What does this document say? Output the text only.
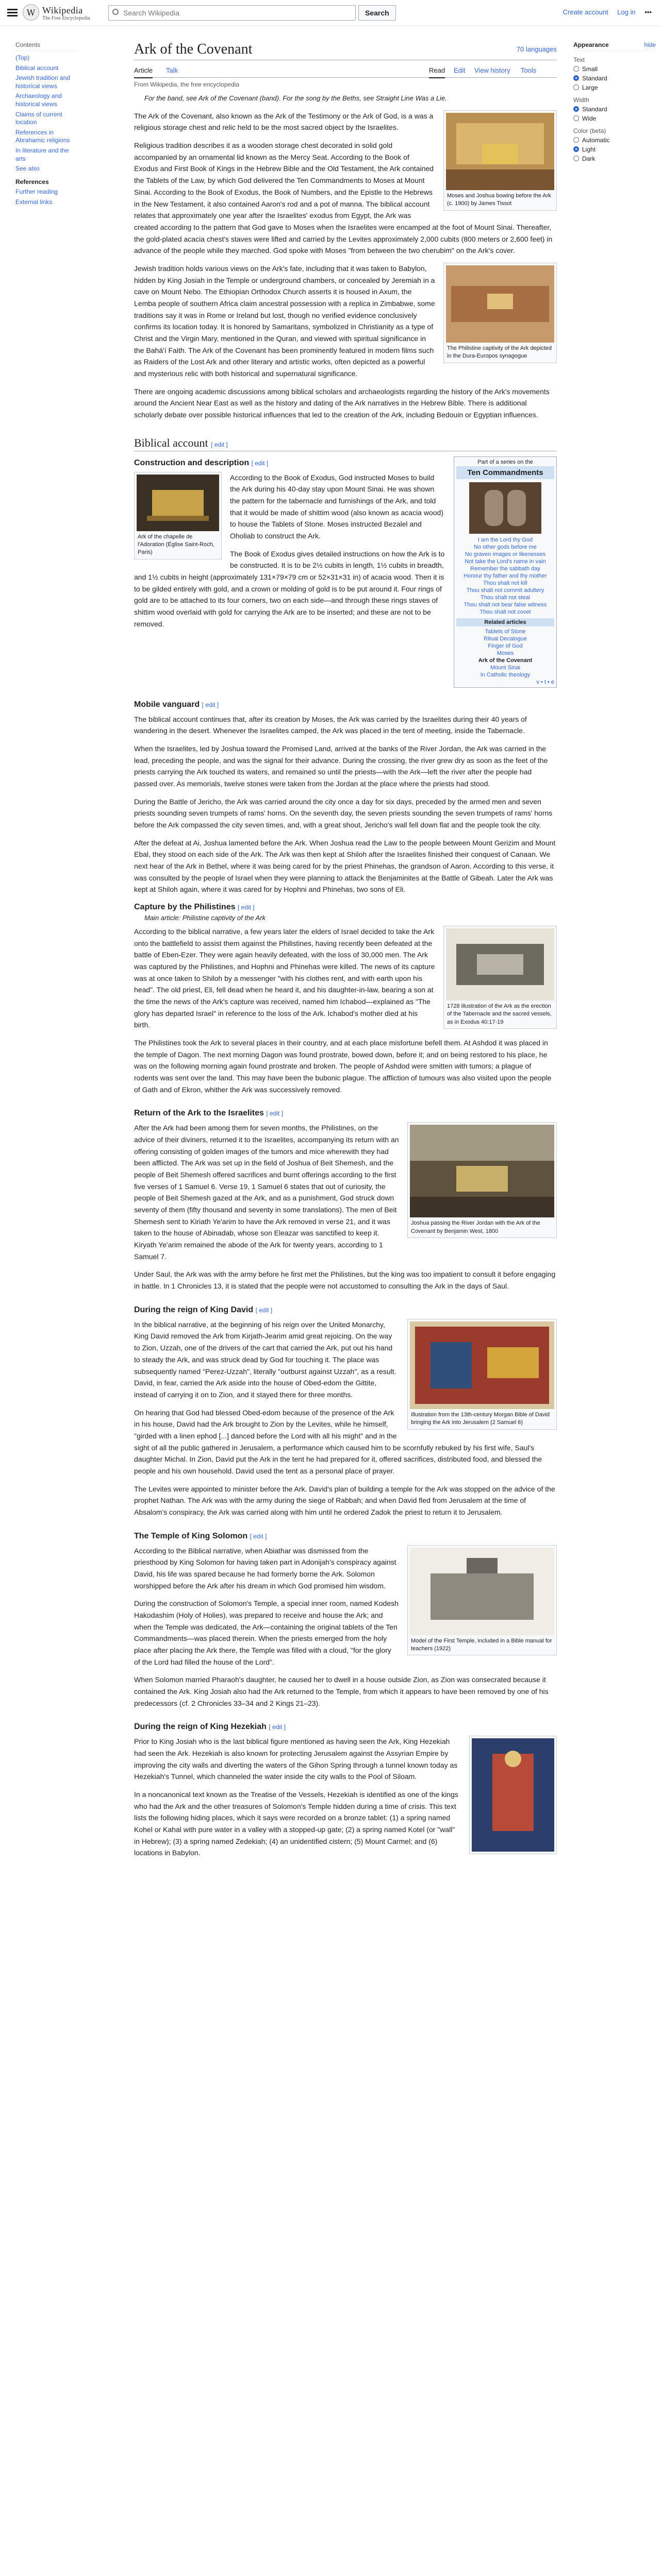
W Wikipedia
The Free Encyclopedia
Search Wikipedia	Search	Create account Log in •••
Contents
(Top)
Biblical account
Jewish tradition and historical views
Archaeology and historical views
Claims of current location
References in Abrahamic religions
In literature and the arts
See also
References
Further reading
External links
Ark of the Covenant	70 languages
Article Talk	Read Edit View history Tools
From Wikipedia, the free encyclopedia
For the band, see Ark of the Covenant (band). For the song by the Beths, see Straight Line Was a Lie.
Moses and Joshua bowing before the Ark (c. 1900) by James Tissot

The Ark of the Covenant, also known as the Ark of the Testimony or the Ark of God, is a was a religious storage chest and relic held to be the most sacred object by the Israelites.

Religious tradition describes it as a wooden storage chest decorated in solid gold accompanied by an ornamental lid known as the Mercy Seat. According to the Book of Exodus and First Book of Kings in the Hebrew Bible and the Old Testament, the Ark contained the Tablets of the Law, by which God delivered the Ten Commandments to Moses at Mount Sinai. According to the Book of Exodus, the Book of Numbers, and the Epistle to the Hebrews in the New Testament, it also contained Aaron's rod and a pot of manna. The biblical account relates that approximately one year after the Israelites' exodus from Egypt, the Ark was created according to the pattern that God gave to Moses when the Israelites were encamped at the foot of Mount Sinai. Thereafter, the gold-plated acacia chest's staves were lifted and carried by the Levites approximately 2,000 cubits (800 meters or 2,600 feet) in advance of the people while they marched. God spoke with Moses "from between the two cherubim" on the Ark's cover.

The Philistine captivity of the Ark depicted in the Dura-Europos synagogue

Jewish tradition holds various views on the Ark's fate, including that it was taken to Babylon, hidden by King Josiah in the Temple or underground chambers, or concealed by Jeremiah in a cave on Mount Nebo. The Ethiopian Orthodox Church asserts it is housed in Axum, the Lemba people of southern Africa claim ancestral possession with a replica in Zimbabwe, some traditions say it was in Rome or Ireland but lost, though no verified evidence conclusively confirms its location today. It is honored by Samaritans, symbolized in Christianity as a type of Christ and the Virgin Mary, mentioned in the Quran, and viewed with spiritual significance in the Bahá'í Faith. The Ark of the Covenant has been prominently featured in modern films such as Raiders of the Lost Ark and other literary and artistic works, often depicted as a powerful and mysterious relic with both historical and supernatural significance.

There are ongoing academic discussions among biblical scholars and archaeologists regarding the history of the Ark's movements around the Ancient Near East as well as the history and dating of the Ark narratives in the Hebrew Bible. There is additional scholarly debate over possible historical influences that led to the creation of the Ark, including Bedouin or Egyptian influences.

Biblical account [ edit ]
Part of a series on the
Ten Commandments
I am the Lord thy God
No other gods before me
No graven images or likenesses
Not take the Lord's name in vain
Remember the sabbath day
Honour thy father and thy mother
Thou shalt not kill
Thou shalt not commit adultery
Thou shalt not steal
Thou shalt not bear false witness
Thou shalt not covet
Related articles
Tablets of Stone
Ritual Decalogue
Finger of God
Moses
Ark of the Covenant
Mount Sinai
In Catholic theology
v • t • e
Construction and description [ edit ]
Ark of the chapelle de l'Adoration (Église Saint-Roch, Paris)

According to the Book of Exodus, God instructed Moses to build the Ark during his 40-day stay upon Mount Sinai. He was shown the pattern for the tabernacle and furnishings of the Ark, and told that it would be made of shittim wood (also known as acacia wood) to house the Tablets of Stone. Moses instructed Bezalel and Oholiab to construct the Ark.

The Book of Exodus gives detailed instructions on how the Ark is to be constructed. It is to be 2½ cubits in length, 1½ cubits in breadth, and 1½ cubits in height (approximately 131×79×79 cm or 52×31×31 in) of acacia wood. Then it is to be gilded entirely with gold, and a crown or molding of gold is to be put around it. Four rings of gold are to be attached to its four corners, two on each side—and through these rings staves of shittim wood overlaid with gold for carrying the Ark are to be inserted; and these are not to be removed.

Mobile vanguard [ edit ]

The biblical account continues that, after its creation by Moses, the Ark was carried by the Israelites during their 40 years of wandering in the desert. Whenever the Israelites camped, the Ark was placed in the tent of meeting, inside the Tabernacle.

When the Israelites, led by Joshua toward the Promised Land, arrived at the banks of the River Jordan, the Ark was carried in the lead, preceding the people, and was the signal for their advance. During the crossing, the river grew dry as soon as the feet of the priests carrying the Ark touched its waters, and remained so until the priests—with the Ark—left the river after the people had passed over. As memorials, twelve stones were taken from the Jordan at the place where the priests had stood.

During the Battle of Jericho, the Ark was carried around the city once a day for six days, preceded by the armed men and seven priests sounding seven trumpets of rams' horns. On the seventh day, the seven priests sounding the seven trumpets of rams' horns before the Ark compassed the city seven times, and, with a great shout, Jericho's wall fell down flat and the people took the city.

After the defeat at Ai, Joshua lamented before the Ark. When Joshua read the Law to the people between Mount Gerizim and Mount Ebal, they stood on each side of the Ark. The Ark was then kept at Shiloh after the Israelites finished their conquest of Canaan. We next hear of the Ark in Bethel, where it was being cared for by the priest Phinehas, the grandson of Aaron. According to this verse, it was consulted by the people of Israel when they were planning to attack the Benjaminites at the Battle of Gibeah. Later the Ark was kept at Shiloh again, where it was cared for by Hophni and Phinehas, two sons of Eli.

Capture by the Philistines [ edit ]
Main article: Philistine captivity of the Ark
1728 illustration of the Ark as the erection of the Tabernacle and the sacred vessels, as in Exodus 40:17-19

According to the biblical narrative, a few years later the elders of Israel decided to take the Ark onto the battlefield to assist them against the Philistines, having recently been defeated at the battle of Eben-Ezer. They were again heavily defeated, with the loss of 30,000 men. The Ark was captured by the Philistines, and Hophni and Phinehas were killed. The news of its capture was at once taken to Shiloh by a messenger "with his clothes rent, and with earth upon his head". The old priest, Eli, fell dead when he heard it, and his daughter-in-law, bearing a son at the time the news of the Ark's capture was received, named him Ichabod—explained as "The glory has departed Israel" in reference to the loss of the Ark. Ichabod's mother died at his birth.

The Philistines took the Ark to several places in their country, and at each place misfortune befell them. At Ashdod it was placed in the temple of Dagon. The next morning Dagon was found prostrate, bowed down, before it; and on being restored to his place, he was on the following morning again found prostrate and broken. The people of Ashdod were smitten with tumors; a plague of rodents was sent over the land. This may have been the bubonic plague. The affliction of tumours was also visited upon the people of Gath and of Ekron, whither the Ark was successively removed.

Return of the Ark to the Israelites [ edit ]
Joshua passing the River Jordan with the Ark of the Covenant by Benjamin West, 1800

After the Ark had been among them for seven months, the Philistines, on the advice of their diviners, returned it to the Israelites, accompanying its return with an offering consisting of golden images of the tumors and mice wherewith they had been afflicted. The Ark was set up in the field of Joshua of Beit Shemesh, and the people of Beit Shemesh offered sacrifices and burnt offerings according to the first five verses of 1 Samuel 6. Verse 19, 1 Samuel 6 states that out of curiosity, the people of Beit Shemesh gazed at the Ark, and as a punishment, God struck down seventy of them (fifty thousand and seventy in some translations). The men of Beit Shemesh sent to Kiriath Ye'arim to have the Ark removed in verse 21, and it was taken to the house of Abinadab, whose son Eleazar was sanctified to keep it. Kiryath Ye'arim remained the abode of the Ark for twenty years, according to 1 Samuel 7.

Under Saul, the Ark was with the army before he first met the Philistines, but the king was too impatient to consult it before engaging in battle. In 1 Chronicles 13, it is stated that the people were not accustomed to consulting the Ark in the days of Saul.

During the reign of King David [ edit ]
Illustration from the 13th-century Morgan Bible of David bringing the Ark into Jerusalem (2 Samuel 6)

In the biblical narrative, at the beginning of his reign over the United Monarchy, King David removed the Ark from Kirjath-Jearim amid great rejoicing. On the way to Zion, Uzzah, one of the drivers of the cart that carried the Ark, put out his hand to steady the Ark, and was struck dead by God for touching it. The place was subsequently named "Perez-Uzzah", literally "outburst against Uzzah", as a result. David, in fear, carried the Ark aside into the house of Obed-edom the Gittite, instead of carrying it on to Zion, and it stayed there for three months.

On hearing that God had blessed Obed-edom because of the presence of the Ark in his house, David had the Ark brought to Zion by the Levites, while he himself, "girded with a linen ephod [...] danced before the Lord with all his might" and in the sight of all the public gathered in Jerusalem, a performance which caused him to be scornfully rebuked by his first wife, Saul's daughter Michal. In Zion, David put the Ark in the tent he had prepared for it, offered sacrifices, distributed food, and blessed the people and his own household. David used the tent as a personal place of prayer.

The Levites were appointed to minister before the Ark. David's plan of building a temple for the Ark was stopped on the advice of the prophet Nathan. The Ark was with the army during the siege of Rabbah; and when David fled from Jerusalem at the time of Absalom's conspiracy, the Ark was carried along with him until he ordered Zadok the priest to return it to Jerusalem.

The Temple of King Solomon [ edit ]
Model of the First Temple, included in a Bible manual for teachers (1922)

According to the Biblical narrative, when Abiathar was dismissed from the priesthood by King Solomon for having taken part in Adonijah's conspiracy against David, his life was spared because he had formerly borne the Ark. Solomon worshipped before the Ark after his dream in which God promised him wisdom.

During the construction of Solomon's Temple, a special inner room, named Kodesh Hakodashim (Holy of Holies), was prepared to receive and house the Ark; and when the Temple was dedicated, the Ark—containing the original tablets of the Ten Commandments—was placed therein. When the priests emerged from the holy place after placing the Ark there, the Temple was filled with a cloud, "for the glory of the Lord had filled the house of the Lord".

When Solomon married Pharaoh's daughter, he caused her to dwell in a house outside Zion, as Zion was consecrated because it contained the Ark. King Josiah also had the Ark returned to the Temple, from which it appears to have been removed by one of his predecessors (cf. 2 Chronicles 33–34 and 2 Kings 21–23).

During the reign of King Hezekiah [ edit ]

Prior to King Josiah who is the last biblical figure mentioned as having seen the Ark, King Hezekiah had seen the Ark. Hezekiah is also known for protecting Jerusalem against the Assyrian Empire by improving the city walls and diverting the waters of the Gihon Spring through a tunnel known today as Hezekiah's Tunnel, which channeled the water inside the city walls to the Pool of Siloam.

In a noncanonical text known as the Treatise of the Vessels, Hezekiah is identified as one of the kings who had the Ark and the other treasures of Solomon's Temple hidden during a time of crisis. This text lists the following hiding places, which it says were recorded on a bronze tablet: (1) a spring named Kohel or Kahal with pure water in a valley with a stopped-up gate; (2) a spring named Kotel (or "wall" in Hebrew); (3) a spring named Zedekiah; (4) an unidentified cistern; (5) Mount Carmel; and (6) locations in Babylon.

Appearance	hide
Text
Small
Standard
Large
Width
Standard
Wide
Color (beta)
Automatic
Light
Dark
